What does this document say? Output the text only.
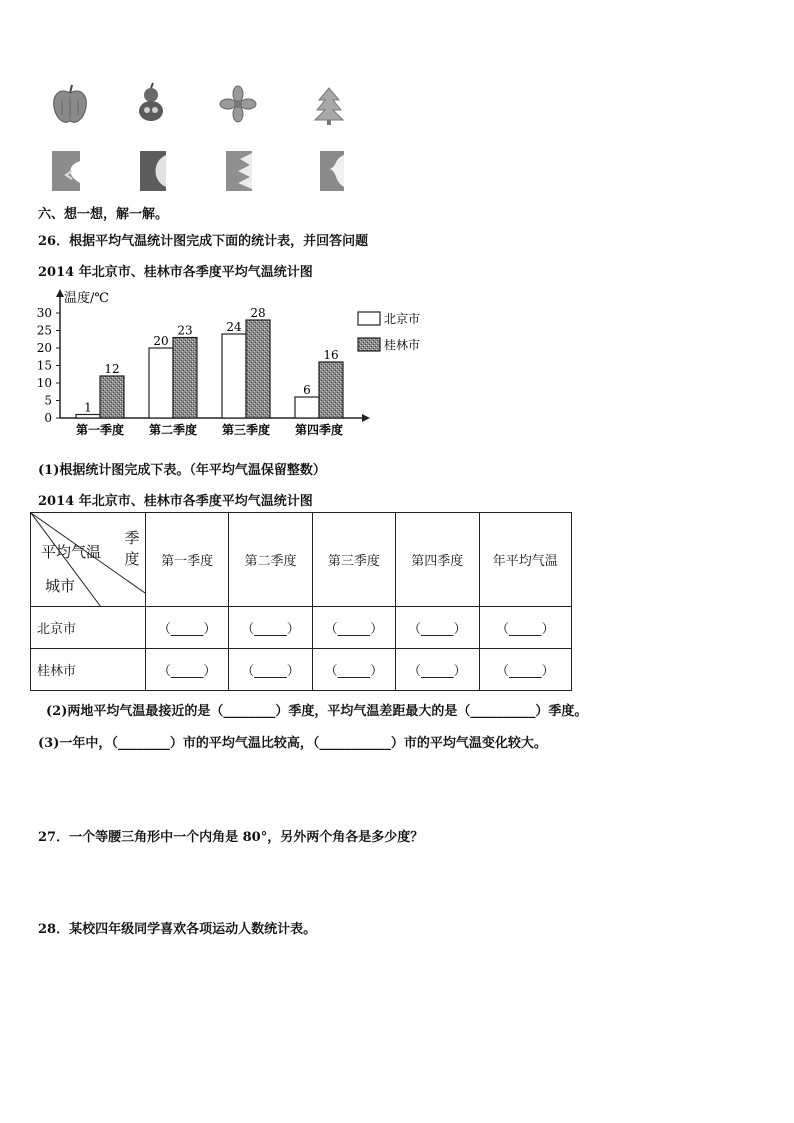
六、想一想，解一解。
26．根据平均气温统计图完成下面的统计表，并回答问题
2014 年北京市、桂林市各季度平均气温统计图
温度/℃
0
5
10
15
20
25
30
1
12
第一季度
20
23
第二季度
24
28
第三季度
6
16
第四季度
北京市
桂林市
(1)根据统计图完成下表。（年平均气温保留整数）
2014 年北京市、桂林市各季度平均气温统计图
季度
平均气温
城市	第一季度	第二季度	第三季度	第四季度	年平均气温
北京市	（_____）	（_____）	（_____）	（_____）	（_____）
桂林市	（_____）	（_____）	（_____）	（_____）	（_____）
(2)两地平均气温最接近的是（________）季度，平均气温差距最大的是（__________）季度。
(3)一年中，（________）市的平均气温比较高，（___________）市的平均气温变化较大。
27．一个等腰三角形中一个内角是 80°，另外两个角各是多少度？
28．某校四年级同学喜欢各项运动人数统计表。
